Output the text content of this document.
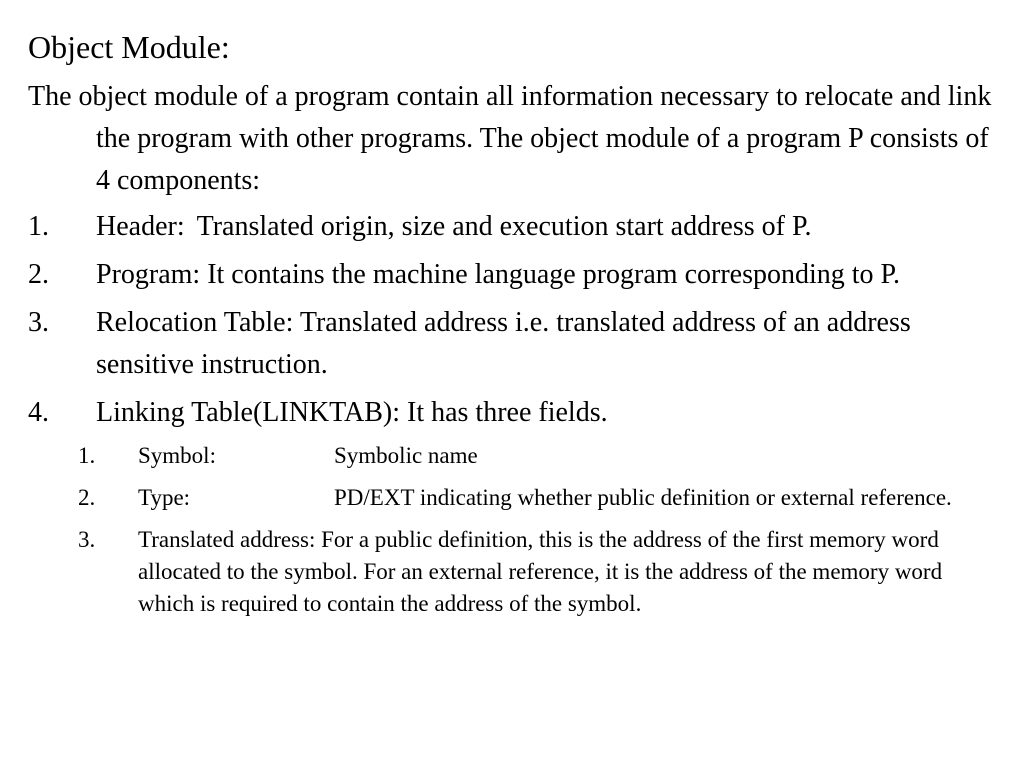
Object Module:
The object module of a program contain all information necessary to relocate and link the program with other programs. The object module of a program P consists of 4 components:
1.	Header: Translated origin, size and execution start address of P.
2.	Program: It contains the machine language program corresponding to P.
3.	Relocation Table: Translated address i.e. translated address of an address sensitive instruction.
4.	Linking Table(LINKTAB): It has three fields.
1.	Symbol:	Symbolic name
2.	Type:	PD/EXT indicating whether public definition or external reference.
3.	Translated address: For a public definition, this is the address of the first memory word allocated to the symbol. For an external reference, it is the address of the memory word which is required to contain the address of the symbol.
